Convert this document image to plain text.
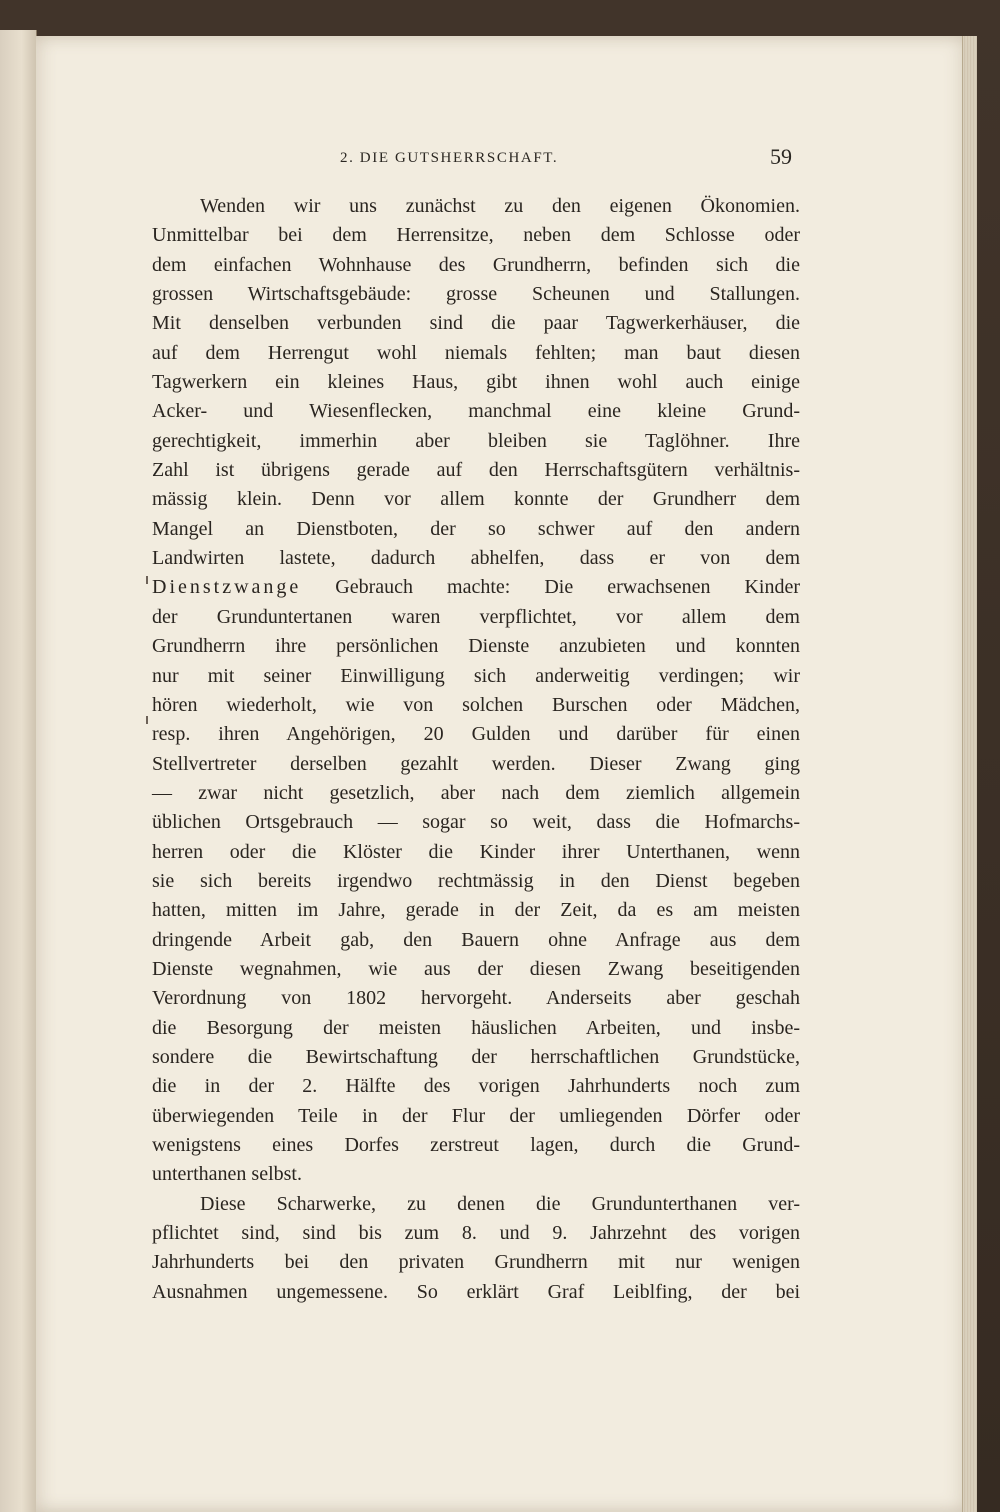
2. DIE GUTSHERRSCHAFT.	59
Wenden wir uns zunächst zu den eigenen Ökonomien.
Unmittelbar bei dem Herrensitze, neben dem Schlosse oder
dem einfachen Wohnhause des Grundherrn, befinden sich die
grossen Wirtschaftsgebäude: grosse Scheunen und Stallungen.
Mit denselben verbunden sind die paar Tagwerkerhäuser, die
auf dem Herrengut wohl niemals fehlten; man baut diesen
Tagwerkern ein kleines Haus, gibt ihnen wohl auch einige
Acker- und Wiesenflecken, manchmal eine kleine Grund-
gerechtigkeit, immerhin aber bleiben sie Taglöhner. Ihre
Zahl ist übrigens gerade auf den Herrschaftsgütern verhältnis-
mässig klein. Denn vor allem konnte der Grundherr dem
Mangel an Dienstboten, der so schwer auf den andern
Landwirten lastete, dadurch abhelfen, dass er von dem
Dienstzwange Gebrauch machte: Die erwachsenen Kinder
der Grunduntertanen waren verpflichtet, vor allem dem
Grundherrn ihre persönlichen Dienste anzubieten und konnten
nur mit seiner Einwilligung sich anderweitig verdingen; wir
hören wiederholt, wie von solchen Burschen oder Mädchen,
resp. ihren Angehörigen, 20 Gulden und darüber für einen
Stellvertreter derselben gezahlt werden. Dieser Zwang ging
— zwar nicht gesetzlich, aber nach dem ziemlich allgemein
üblichen Ortsgebrauch — sogar so weit, dass die Hofmarchs-
herren oder die Klöster die Kinder ihrer Unterthanen, wenn
sie sich bereits irgendwo rechtmässig in den Dienst begeben
hatten, mitten im Jahre, gerade in der Zeit, da es am meisten
dringende Arbeit gab, den Bauern ohne Anfrage aus dem
Dienste wegnahmen, wie aus der diesen Zwang beseitigenden
Verordnung von 1802 hervorgeht. Anderseits aber geschah
die Besorgung der meisten häuslichen Arbeiten, und insbe-
sondere die Bewirtschaftung der herrschaftlichen Grundstücke,
die in der 2. Hälfte des vorigen Jahrhunderts noch zum
überwiegenden Teile in der Flur der umliegenden Dörfer oder
wenigstens eines Dorfes zerstreut lagen, durch die Grund-
unterthanen selbst.
Diese Scharwerke, zu denen die Grundunterthanen ver-
pflichtet sind, sind bis zum 8. und 9. Jahrzehnt des vorigen
Jahrhunderts bei den privaten Grundherrn mit nur wenigen
Ausnahmen ungemessene. So erklärt Graf Leiblfing, der bei
